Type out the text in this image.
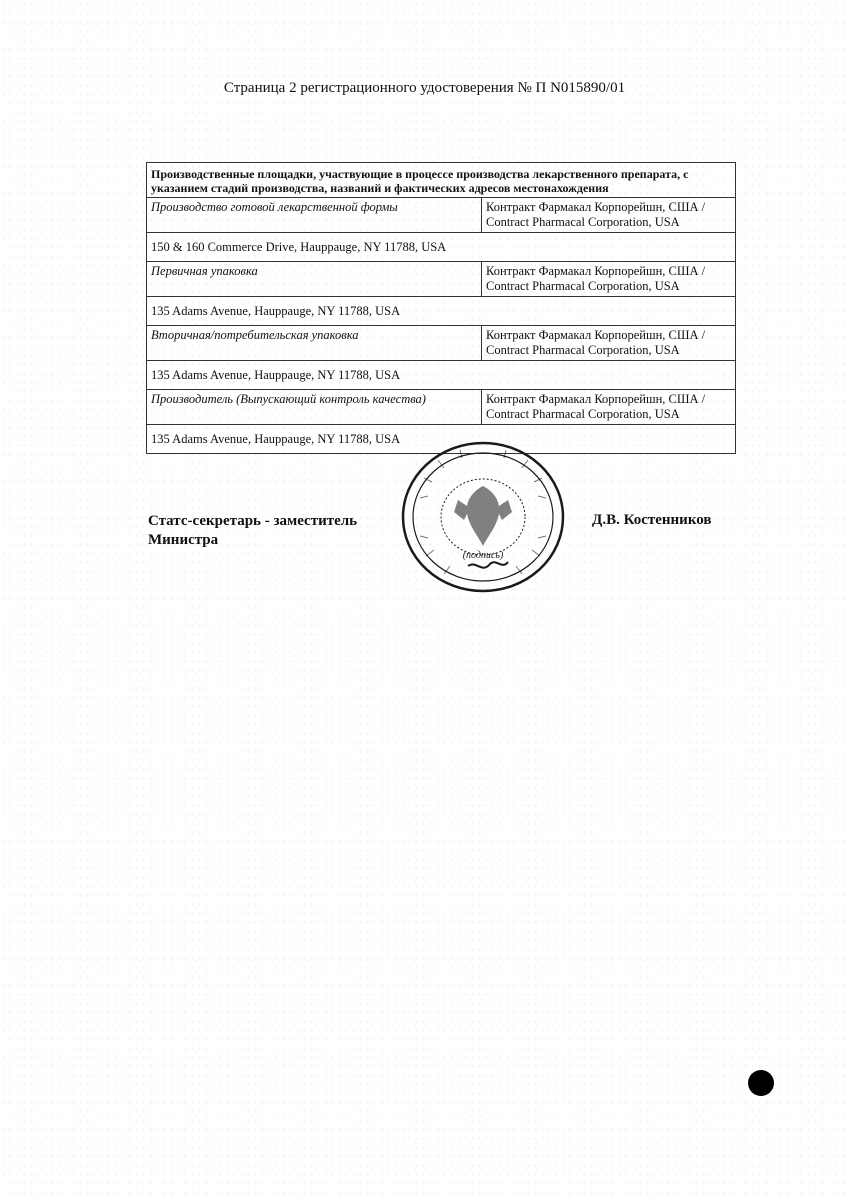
Страница 2 регистрационного удостоверения № П N015890/01
Производственные площадки, участвующие в процессе производства лекарственного препарата, с указанием стадий производства, названий и фактических адресов местонахождения	
Производство готовой лекарственной формы	Контракт Фармакал Корпорейшн, США /
Contract Pharmacal Corporation, USA

150 & 160 Commerce Drive, Hauppauge, NY 11788, USA	
Первичная упаковка	Контракт Фармакал Корпорейшн, США /
Contract Pharmacal Corporation, USA

135 Adams Avenue, Hauppauge, NY 11788, USA	
Вторичная/потребительская упаковка	Контракт Фармакал Корпорейшн, США /
Contract Pharmacal Corporation, USA

135 Adams Avenue, Hauppauge, NY 11788, USA	
Производитель (Выпускающий контроль качества)	Контракт Фармакал Корпорейшн, США /
Contract Pharmacal Corporation, USA

135 Adams Avenue, Hauppauge, NY 11788, USA	
Статс-секретарь - заместитель
Министра
(подпись)
Д.В. Костенников
